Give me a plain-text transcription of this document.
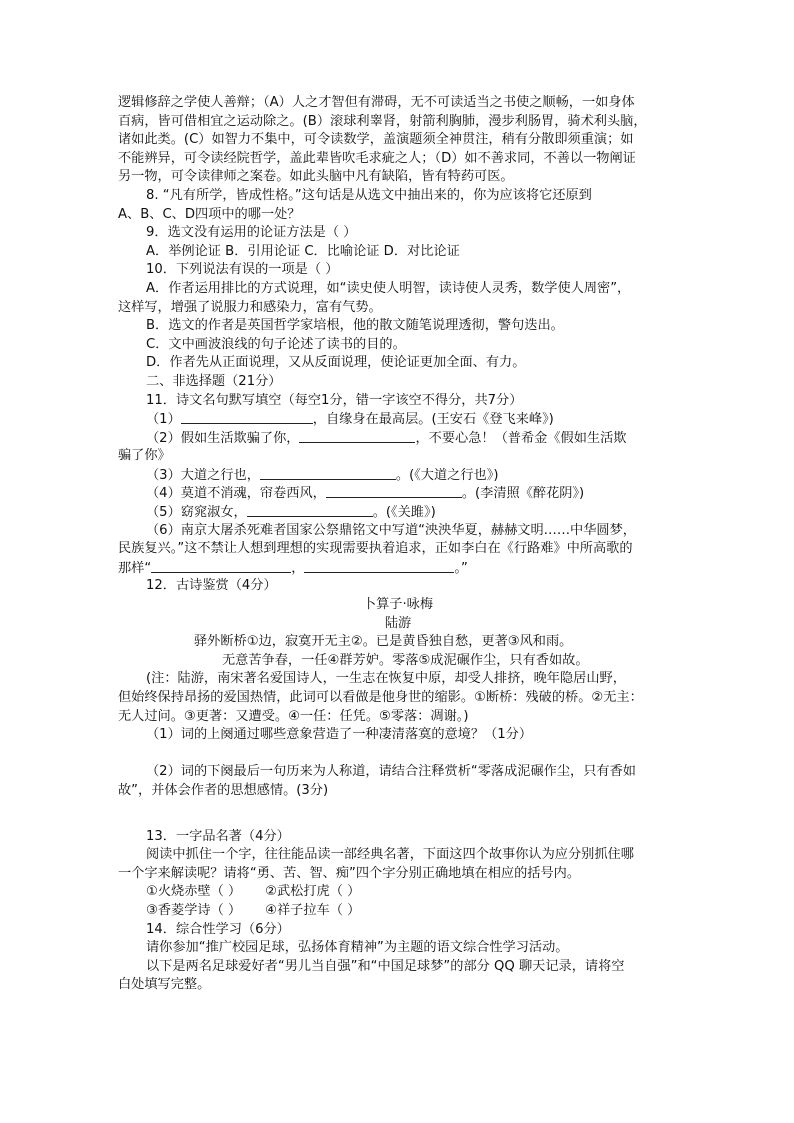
逻辑修辞之学使人善辩；（A）人之才智但有滞碍，无不可读适当之书使之顺畅，一如身体
百病，皆可借相宜之运动除之。(B）滚球利睾肾，射箭利胸肺，漫步利肠胃，骑术利头脑，
诸如此类。(C）如智力不集中，可令读数学，盖演题须全神贯注，稍有分散即须重演；如
不能辨异，可令读经院哲学，盖此辈皆吹毛求疵之人；（D）如不善求同，不善以一物阐证
另一物，可令读律师之案卷。如此头脑中凡有缺陷，皆有特药可医。
8. “凡有所学，皆成性格。”这句话是从选文中抽出来的，你为应该将它还原到
A、B、C、D四项中的哪一处？
9．选文没有运用的论证方法是（ ）
A．举例论证 B．引用论证 C．比喻论证 D．对比论证
10．下列说法有误的一项是（ ）
A．作者运用排比的方式说理，如“读史使人明智，读诗使人灵秀，数学使人周密”，
这样写，增强了说服力和感染力，富有气势。
B．选文的作者是英国哲学家培根，他的散文随笔说理透彻，警句迭出。
C．文中画波浪线的句子论述了读书的目的。
D．作者先从正面说理，又从反面说理，使论证更加全面、有力。
二、非选择题（21分）
11．诗文名句默写填空（每空1分，错一字该空不得分，共7分）
（1）	，自缘身在最高层。(王安石《登飞来峰》)
（2）假如生活欺骗了你，	，不要心急！（普希金《假如生活欺
骗了你》
（3）大道之行也，	。(《大道之行也》)
（4）莫道不消魂，帘卷西风，	。(李清照《醉花阴》)
（5）窈窕淑女，	。(《关雎》)
（6）南京大屠杀死难者国家公祭鼎铭文中写道“泱泱华夏，赫赫文明……中华圆梦，
民族复兴。”这不禁让人想到理想的实现需要执着追求，正如李白在《行路难》中所高歌的
那样“	，	。”
12．古诗鉴赏（4分）
卜算子·咏梅
陆游
驿外断桥①边，寂寞开无主②。已是黄昏独自愁，更著③风和雨。
无意苦争春，一任④群芳妒。零落⑤成泥碾作尘，只有香如故。
(注：陆游，南宋著名爱国诗人，一生志在恢复中原，却受人排挤，晚年隐居山野，
但始终保持昂扬的爱国热情，此词可以看做是他身世的缩影。①断桥：残破的桥。②无主：
无人过问。③更著：又遭受。④一任：任凭。⑤零落：凋谢。)
（1）词的上阕通过哪些意象营造了一种凄清落寞的意境？（1分）
（2）词的下阕最后一句历来为人称道，请结合注释赏析“零落成泥碾作尘，只有香如
故”，并体会作者的思想感情。(3分)
13．一字品名著（4分）
阅读中抓住一个字，往往能品读一部经典名著，下面这四个故事你认为应分别抓住哪
一个字来解读呢？请将“勇、苦、智、痴”四个字分别正确地填在相应的括号内。
①火烧赤壁（ ） ②武松打虎（ ）
③香菱学诗（ ） ④祥子拉车（ ）
14．综合性学习（6分）
请你参加“推广校园足球，弘扬体育精神”为主题的语文综合性学习活动。
以下是两名足球爱好者“男儿当自强”和“中国足球梦”的部分 QQ 聊天记录，请将空
白处填写完整。
